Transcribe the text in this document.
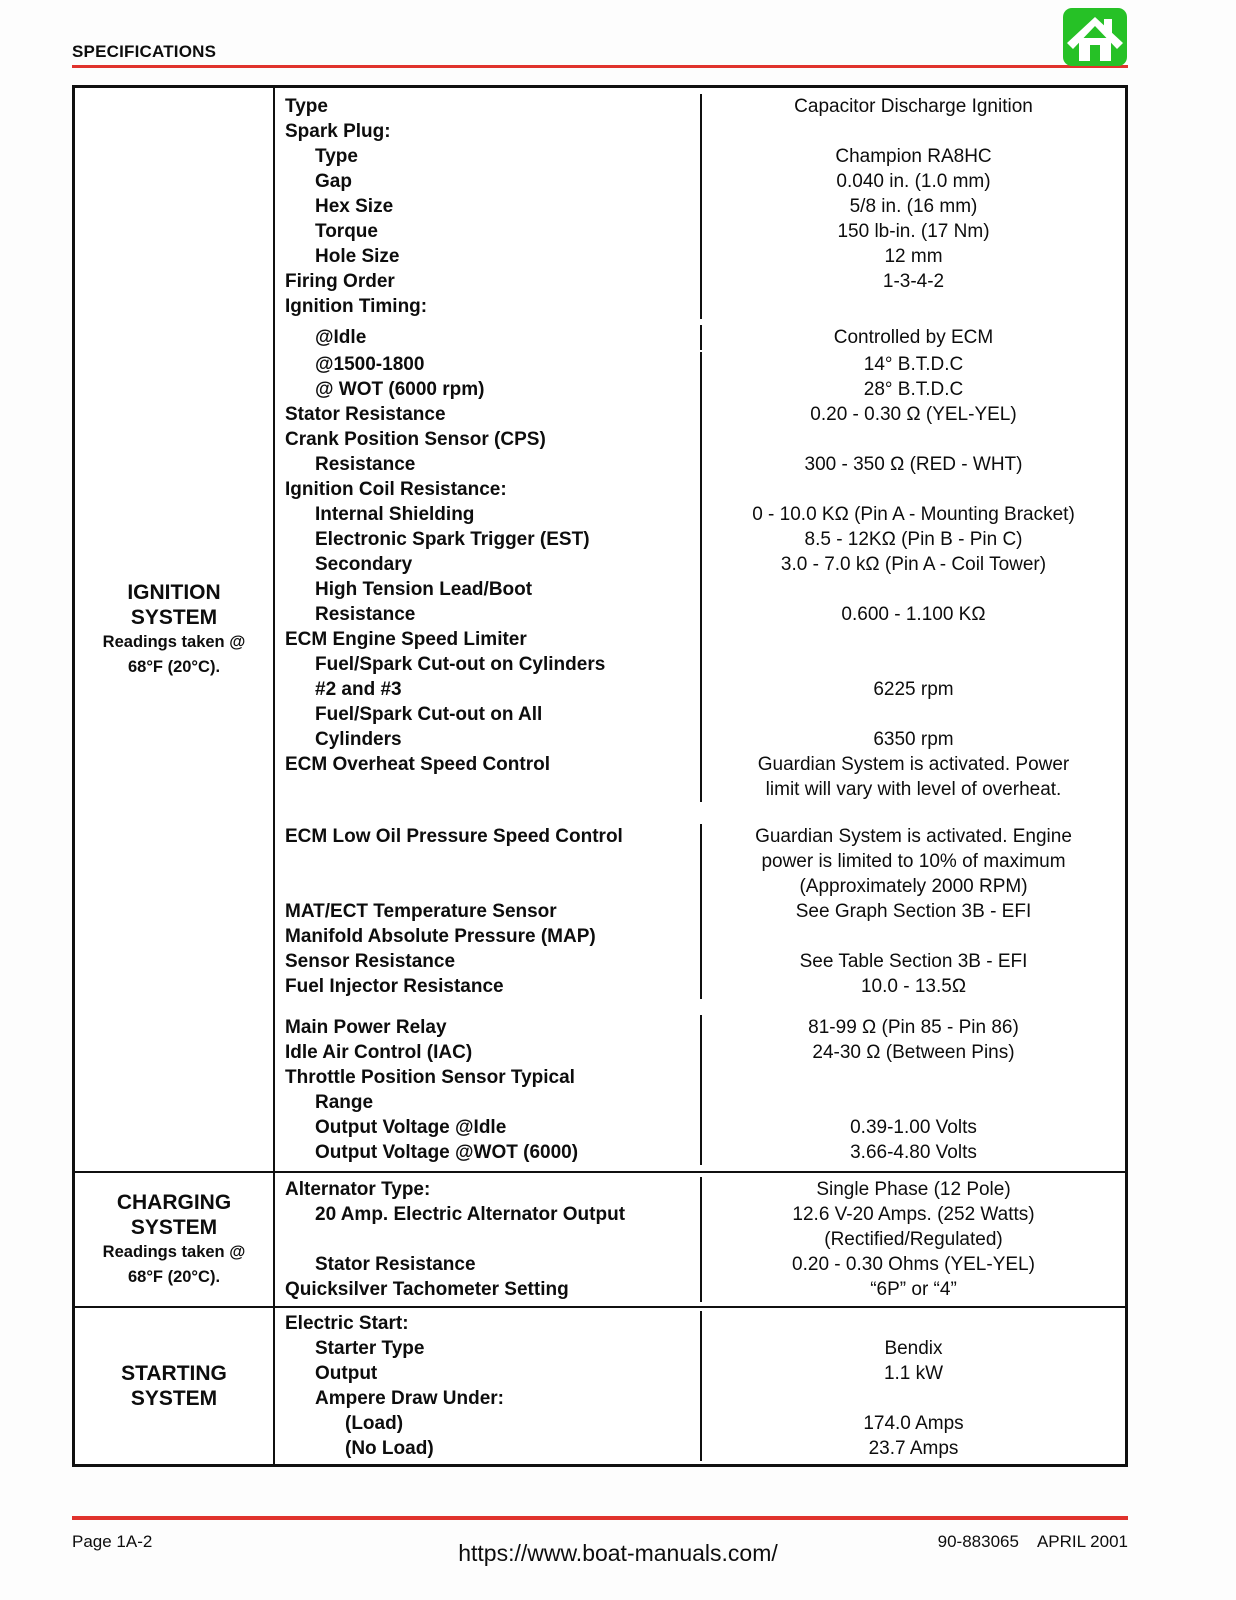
SPECIFICATIONS
IGNITION
SYSTEM
Readings taken @
68°F (20°C).
Type	Capacitor Discharge Ignition
Spark Plug:
Type	Champion RA8HC
Gap	0.040 in. (1.0 mm)
Hex Size	5/8 in. (16 mm)
Torque	150 lb-in. (17 Nm)
Hole Size	12 mm
Firing Order	1-3-4-2
Ignition Timing:
@Idle	Controlled by ECM
@1500-1800	14° B.T.D.C
@ WOT (6000 rpm)	28° B.T.D.C
Stator Resistance	0.20 - 0.30 Ω (YEL-YEL)
Crank Position Sensor (CPS)
Resistance	300 - 350 Ω (RED - WHT)
Ignition Coil Resistance:
Internal Shielding	0 - 10.0 KΩ (Pin A - Mounting Bracket)
Electronic Spark Trigger (EST)	8.5 - 12KΩ (Pin B - Pin C)
Secondary	3.0 - 7.0 kΩ (Pin A - Coil Tower)
High Tension Lead/Boot
Resistance	0.600 - 1.100 KΩ
ECM Engine Speed Limiter
Fuel/Spark Cut-out on Cylinders
#2 and #3	6225 rpm
Fuel/Spark Cut-out on All
Cylinders	6350 rpm
ECM Overheat Speed Control	Guardian System is activated. Power
limit will vary with level of overheat.
ECM Low Oil Pressure Speed Control	Guardian System is activated. Engine
power is limited to 10% of maximum
(Approximately 2000 RPM)
MAT/ECT Temperature Sensor	See Graph Section 3B - EFI
Manifold Absolute Pressure (MAP)
Sensor Resistance	See Table Section 3B - EFI
Fuel Injector Resistance	10.0 - 13.5Ω
Main Power Relay	81-99 Ω (Pin 85 - Pin 86)
Idle Air Control (IAC)	24-30 Ω (Between Pins)
Throttle Position Sensor Typical
Range
Output Voltage @Idle	0.39-1.00 Volts
Output Voltage @WOT (6000)	3.66-4.80 Volts
CHARGING
SYSTEM
Readings taken @
68°F (20°C).
Alternator Type:	Single Phase (12 Pole)
20 Amp. Electric Alternator Output	12.6 V-20 Amps. (252 Watts)
(Rectified/Regulated)
Stator Resistance	0.20 - 0.30 Ohms (YEL-YEL)
Quicksilver Tachometer Setting	“6P” or “4”
STARTING
SYSTEM
Electric Start:
Starter Type	Bendix
Output	1.1 kW
Ampere Draw Under:
(Load)	174.0 Amps
(No Load)	23.7 Amps
Page 1A-2	https://www.boat-manuals.com/	90-883065 APRIL 2001
